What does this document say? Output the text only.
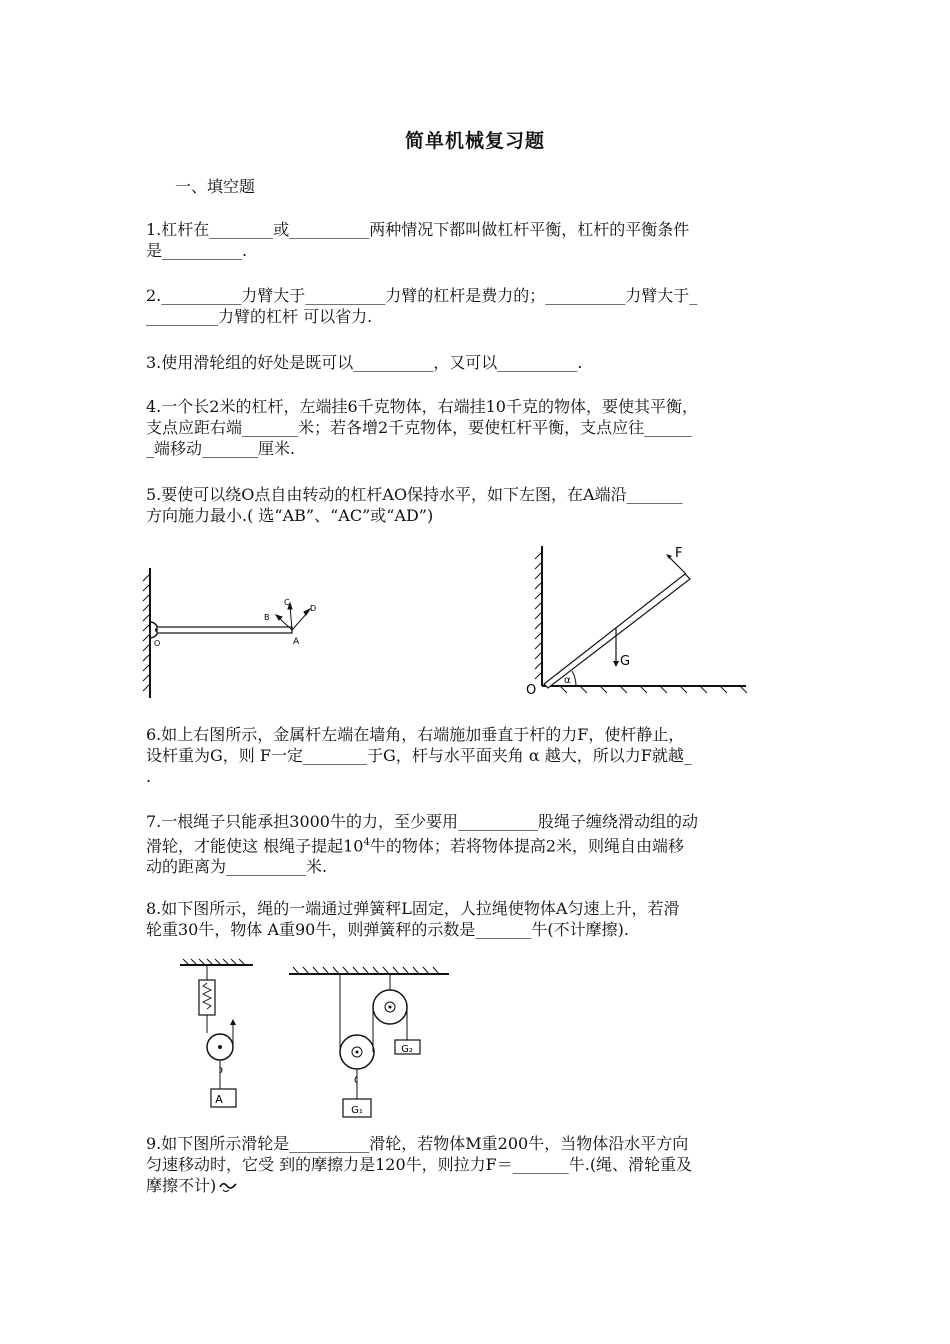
简单机械复习题
一、填空题

1.杠杆在________或__________两种情况下都叫做杠杆平衡，杠杆的平衡条件

是__________.

2.__________力臂大于__________力臂的杠杆是费力的；__________力臂大于_

_________力臂的杠杆 可以省力.

3.使用滑轮组的好处是既可以__________，又可以__________.

4.一个长2米的杠杆，左端挂6千克物体，右端挂10千克的物体，要使其平衡，

支点应距右端_______米；若各增2千克物体，要使杠杆平衡，支点应往______

_端移动_______厘米.

5.要使可以绕O点自由转动的杠杆AO保持水平，如下左图，在A端沿_______

方向施力最小.( 选“AB”、“AC”或“AD”)

O	A
B
C
D
F
G
O
α

6.如上右图所示，金属杆左端在墙角，右端施加垂直于杆的力F，使杆静止，

设杆重为G，则 F一定________于G，杆与水平面夹角 α 越大，所以力F就越_

.

7.一根绳子只能承担3000牛的力，至少要用__________股绳子缠绕滑动组的动

滑轮，才能使这 根绳子提起$10^4$牛的物体；若将物体提高2米，则绳自由端移

动的距离为__________米.

8.如下图所示，绳的一端通过弹簧秤L固定，人拉绳使物体A匀速上升，若滑

轮重30牛，物体 A重90牛，则弹簧秤的示数是_______牛(不计摩擦).

A
G₂
G₁

9.如下图所示滑轮是__________滑轮，若物体M重200牛，当物体沿水平方向

匀速移动时，它受 到的摩擦力是120牛，则拉力F＝_______牛.(绳、滑轮重及

摩擦不计)
